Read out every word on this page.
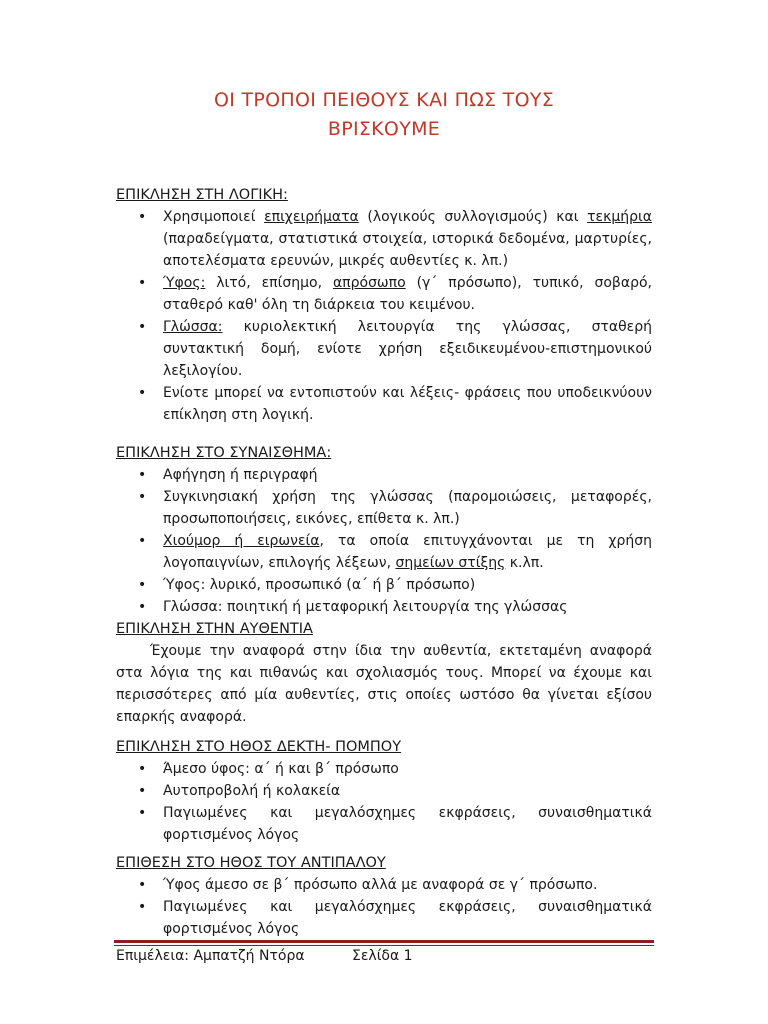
ΟΙ ΤΡΟΠΟΙ ΠΕΙΘΟΥΣ ΚΑΙ ΠΩΣ ΤΟΥΣ
ΒΡΙΣΚΟΥΜΕ

ΕΠΙΚΛΗΣΗ ΣΤΗ ΛΟΓΙΚΗ:

• Χρησιμοποιεί επιχειρήματα (λογικούς συλλογισμούς) και τεκμήρια (παραδείγματα, στατιστικά στοιχεία, ιστορικά δεδομένα, μαρτυρίες, αποτελέσματα ερευνών, μικρές αυθεντίες κ. λπ.)
• Ύφος: λιτό, επίσημο, απρόσωπο (γ΄ πρόσωπο), τυπικό, σοβαρό, σταθερό καθ' όλη τη διάρκεια του κειμένου.
• Γλώσσα: κυριολεκτική λειτουργία της γλώσσας, σταθερή συντακτική δομή, ενίοτε χρήση εξειδικευμένου-επιστημονικού λεξιλογίου.
• Ενίοτε μπορεί να εντοπιστούν και λέξεις- φράσεις που υποδεικνύουν επίκληση στη λογική.

ΕΠΙΚΛΗΣΗ ΣΤΟ ΣΥΝΑΙΣΘΗΜΑ:

• Αφήγηση ή περιγραφή
• Συγκινησιακή χρήση της γλώσσας (παρομοιώσεις, μεταφορές, προσωποποιήσεις, εικόνες, επίθετα κ. λπ.)
• Χιούμορ ή ειρωνεία, τα οποία επιτυγχάνονται με τη χρήση λογοπαιγνίων, επιλογής λέξεων, σημείων στίξης κ.λπ.
• Ύφος: λυρικό, προσωπικό (α΄ ή β΄ πρόσωπο)
• Γλώσσα: ποιητική ή μεταφορική λειτουργία της γλώσσας

ΕΠΙΚΛΗΣΗ ΣΤΗΝ ΑΥΘΕΝΤΙΑ

Έχουμε την αναφορά στην ίδια την αυθεντία, εκτεταμένη αναφορά στα λόγια της και πιθανώς και σχολιασμός τους. Μπορεί να έχουμε και περισσότερες από μία αυθεντίες, στις οποίες ωστόσο θα γίνεται εξίσου επαρκής αναφορά.

ΕΠΙΚΛΗΣΗ ΣΤΟ ΗΘΟΣ ΔΕΚΤΗ- ΠΟΜΠΟΥ

• Άμεσο ύφος: α΄ ή και β΄ πρόσωπο
• Αυτοπροβολή ή κολακεία
• Παγιωμένες και μεγαλόσχημες εκφράσεις, συναισθηματικά φορτισμένος λόγος

ΕΠΙΘΕΣΗ ΣΤΟ ΗΘΟΣ ΤΟΥ ΑΝΤΙΠΑΛΟΥ

• Ύφος άμεσο σε β΄ πρόσωπο αλλά με αναφορά σε γ΄ πρόσωπο.
• Παγιωμένες και μεγαλόσχημες εκφράσεις, συναισθηματικά φορτισμένος λόγος
Επιμέλεια: Αμπατζή Ντόρα	Σελίδα 1
